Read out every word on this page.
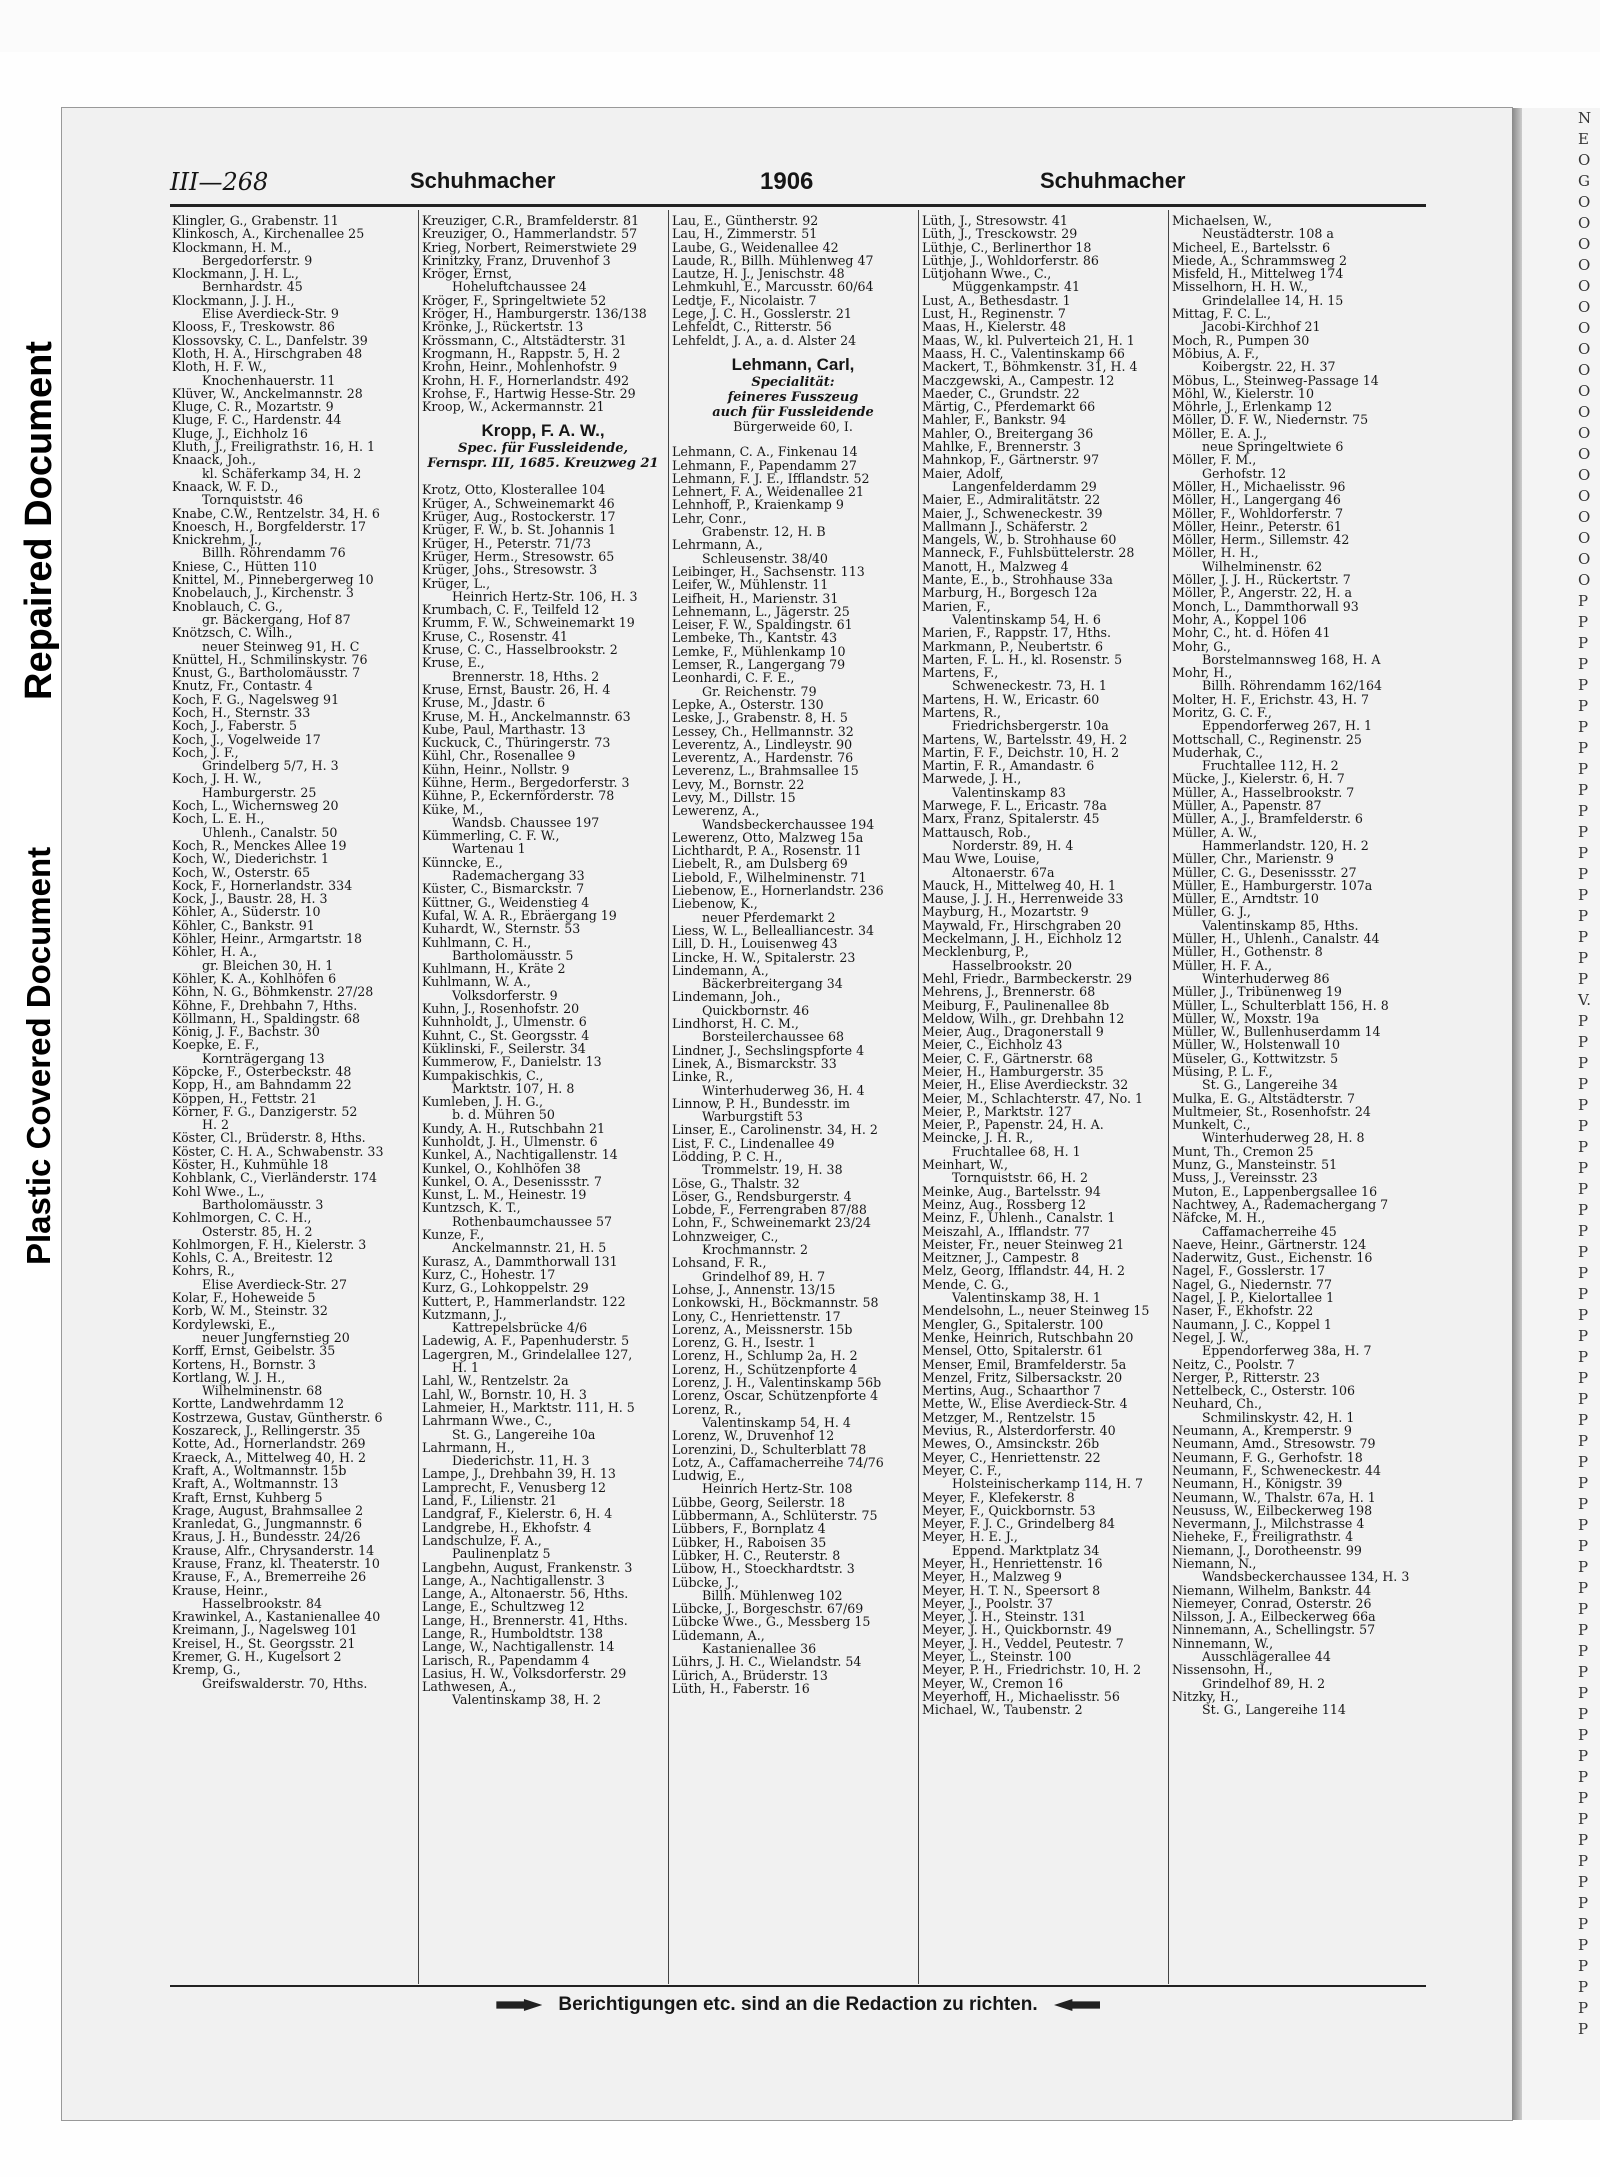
Repaired Document
Plastic Covered Document
N
E
O
G
O
O
O
O
O
O
O
O
O
O
O
O
O
O
O
O
O
O
O
P
P
P
P
P
P
P
P
P
P
P
P
P
P
P
P
P
P
P
V.
P
P
P
P
P
P
P
P
P
P
P
P
P
P
P
P
P
P
P
P
P
P
P
P
P
P
P
P
P
P
P
P
P
P
P
P
P
P
P
P
P
P
P
P
P
P
P
P
P
III—268	Schuhmacher	1906	Schuhmacher
Klingler, G., Grabenstr. 11
Klinkosch, A., Kirchenallee 25
Klockmann, H. M.,
Bergedorferstr. 9
Klockmann, J. H. L.,
Bernhardstr. 45
Klockmann, J. J. H.,
Elise Averdieck-Str. 9
Klooss, F., Treskowstr. 86
Klossovsky, C. L., Danfelstr. 39
Kloth, H. A., Hirschgraben 48
Kloth, H. F. W.,
Knochenhauerstr. 11
Klüver, W., Anckelmannstr. 28
Kluge, C. R., Mozartstr. 9
Kluge, F. C., Hardenstr. 44
Kluge, J., Eichholz 16
Kluth, J., Freiligrathstr. 16, H. 1
Knaack, Joh.,
kl. Schäferkamp 34, H. 2
Knaack, W. F. D.,
Tornquiststr. 46
Knabe, C.W., Rentzelstr. 34, H. 6
Knoesch, H., Borgfelderstr. 17
Knickrehm, J.,
Billh. Röhrendamm 76
Kniese, C., Hütten 110
Knittel, M., Pinnebergerweg 10
Knobelauch, J., Kirchenstr. 3
Knoblauch, C. G.,
gr. Bäckergang, Hof 87
Knötzsch, C. Wilh.,
neuer Steinweg 91, H. C
Knüttel, H., Schmilinskystr. 76
Knust, G., Bartholomäusstr. 7
Knutz, Fr., Contastr. 4
Koch, F. G., Nagelsweg 91
Koch, H., Sternstr. 33
Koch, J., Faberstr. 5
Koch, J., Vogelweide 17
Koch, J. F.,
Grindelberg 5/7, H. 3
Koch, J. H. W.,
Hamburgerstr. 25
Koch, L., Wichernsweg 20
Koch, L. E. H.,
Uhlenh., Canalstr. 50
Koch, R., Menckes Allee 19
Koch, W., Diederichstr. 1
Koch, W., Osterstr. 65
Kock, F., Hornerlandstr. 334
Kock, J., Baustr. 28, H. 3
Köhler, A., Süderstr. 10
Köhler, C., Bankstr. 91
Köhler, Heinr., Armgartstr. 18
Köhler, H. A.,
gr. Bleichen 30, H. 1
Köhler, K. A., Kohlhöfen 6
Köhn, N. G., Böhmkenstr. 27/28
Köhne, F., Drehbahn 7, Hths.
Köllmann, H., Spaldingstr. 68
König, J. F., Bachstr. 30
Koepke, E. F.,
Kornträgergang 13
Köpcke, F., Osterbeckstr. 48
Kopp, H., am Bahndamm 22
Köppen, H., Fettstr. 21
Körner, F. G., Danzigerstr. 52
H. 2
Köster, Cl., Brüderstr. 8, Hths.
Köster, C. H. A., Schwabenstr. 33
Köster, H., Kuhmühle 18
Kohblank, C., Vierländerstr. 174
Kohl Wwe., L.,
Bartholomäusstr. 3
Kohlmorgen, C. C. H.,
Osterstr. 85, H. 2
Kohlmorgen, F. H., Kielerstr. 3
Kohls, C. A., Breitestr. 12
Kohrs, R.,
Elise Averdieck-Str. 27
Kolar, F., Hoheweide 5
Korb, W. M., Steinstr. 32
Kordylewski, E.,
neuer Jungfernstieg 20
Korff, Ernst, Geibelstr. 35
Kortens, H., Bornstr. 3
Kortlang, W. J. H.,
Wilhelminenstr. 68
Kortte, Landwehrdamm 12
Kostrzewa, Gustav, Güntherstr. 6
Koszareck, J., Rellingerstr. 35
Kotte, Ad., Hornerlandstr. 269
Kraeck, A., Mittelweg 40, H. 2
Kraft, A., Woltmannstr. 15b
Kraft, A., Woltmannstr. 13
Kraft, Ernst, Kuhberg 5
Krage, August, Brahmsallee 2
Kranledat, G., Jungmannstr. 6
Kraus, J. H., Bundesstr. 24/26
Krause, Alfr., Chrysanderstr. 14
Krause, Franz, kl. Theaterstr. 10
Krause, F., A., Bremerreihe 26
Krause, Heinr.,
Hasselbrookstr. 84
Krawinkel, A., Kastanienallee 40
Kreimann, J., Nagelsweg 101
Kreisel, H., St. Georgsstr. 21
Kremer, G. H., Kugelsort 2
Kremp, G.,
Greifswalderstr. 70, Hths.
Kreuziger, C.R., Bramfelderstr. 81
Kreuziger, O., Hammerlandstr. 57
Krieg, Norbert, Reimerstwiete 29
Krinitzky, Franz, Druvenhof 3
Kröger, Ernst,
Hoheluftchaussee 24
Kröger, F., Springeltwiete 52
Kröger, H., Hamburgerstr. 136/138
Krönke, J., Rückertstr. 13
Krössmann, C., Altstädterstr. 31
Krogmann, H., Rappstr. 5, H. 2
Krohn, Heinr., Mohlenhofstr. 9
Krohn, H. F., Hornerlandstr. 492
Krohse, F., Hartwig Hesse-Str. 29
Kroop, W., Ackermannstr. 21
Kropp, F. A. W.,
Spec. für Fussleidende,
Fernspr. III, 1685. Kreuzweg 21
Krotz, Otto, Klosterallee 104
Krüger, A., Schweinemarkt 46
Krüger, Aug., Rostockerstr. 17
Krüger, F. W., b. St. Johannis 1
Krüger, H., Peterstr. 71/73
Krüger, Herm., Stresowstr. 65
Krüger, Johs., Stresowstr. 3
Krüger, L.,
Heinrich Hertz-Str. 106, H. 3
Krumbach, C. F., Teilfeld 12
Krumm, F. W., Schweinemarkt 19
Kruse, C., Rosenstr. 41
Kruse, C. C., Hasselbrookstr. 2
Kruse, E.,
Brennerstr. 18, Hths. 2
Kruse, Ernst, Baustr. 26, H. 4
Kruse, M., Jdastr. 6
Kruse, M. H., Anckelmannstr. 63
Kube, Paul, Marthastr. 13
Kuckuck, C., Thüringerstr. 73
Kühl, Chr., Rosenallee 9
Kühn, Heinr., Nollstr. 9
Kühne, Herm., Bergedorferstr. 3
Kühne, P., Eckernförderstr. 78
Küke, M.,
Wandsb. Chaussee 197
Kümmerling, C. F. W.,
Wartenau 1
Künncke, E.,
Rademachergang 33
Küster, C., Bismarckstr. 7
Küttner, G., Weidenstieg 4
Kufal, W. A. R., Ebräergang 19
Kuhardt, W., Sternstr. 53
Kuhlmann, C. H.,
Bartholomäusstr. 5
Kuhlmann, H., Kräte 2
Kuhlmann, W. A.,
Volksdorferstr. 9
Kuhn, J., Rosenhofstr. 20
Kuhnholdt, J., Ulmenstr. 6
Kuhnt, C., St. Georgsstr. 4
Küklinski, F., Seilerstr. 34
Kummerow, F., Danielstr. 13
Kumpakischkis, C.,
Marktstr. 107, H. 8
Kumleben, J. H. G.,
b. d. Mühren 50
Kundy, A. H., Rutschbahn 21
Kunholdt, J. H., Ulmenstr. 6
Kunkel, A., Nachtigallenstr. 14
Kunkel, O., Kohlhöfen 38
Kunkel, O. A., Desenissstr. 7
Kunst, L. M., Heinestr. 19
Kuntzsch, K. T.,
Rothenbaumchaussee 57
Kunze, F.,
Anckelmannstr. 21, H. 5
Kurasz, A., Dammthorwall 131
Kurz, C., Hohestr. 17
Kurz, G., Lohkoppelstr. 29
Kuttert, P., Hammerlandstr. 122
Kutzmann, J.,
Kattrepelsbrücke 4/6
Ladewig, A. F., Papenhuderstr. 5
Lagergren, M., Grindelallee 127,
H. 1
Lahl, W., Rentzelstr. 2a
Lahl, W., Bornstr. 10, H. 3
Lahmeier, H., Marktstr. 111, H. 5
Lahrmann Wwe., C.,
St. G., Langereihe 10a
Lahrmann, H.,
Diederichstr. 11, H. 3
Lampe, J., Drehbahn 39, H. 13
Lamprecht, F., Venusberg 12
Land, F., Lilienstr. 21
Landgraf, F., Kielerstr. 6, H. 4
Landgrebe, H., Ekhofstr. 4
Landschulze, F. A.,
Paulinenplatz 5
Langbehn, August, Frankenstr. 3
Lange, A., Nachtigallenstr. 3
Lange, A., Altonaerstr. 56, Hths.
Lange, E., Schultzweg 12
Lange, H., Brennerstr. 41, Hths.
Lange, R., Humboldtstr. 138
Lange, W., Nachtigallenstr. 14
Larisch, R., Papendamm 4
Lasius, H. W., Volksdorferstr. 29
Lathwesen, A.,
Valentinskamp 38, H. 2
Lau, E., Güntherstr. 92
Lau, H., Zimmerstr. 51
Laube, G., Weidenallee 42
Laude, R., Billh. Mühlenweg 47
Lautze, H. J., Jenischstr. 48
Lehmkuhl, E., Marcusstr. 60/64
Ledtje, F., Nicolaistr. 7
Lege, J. C. H., Gosslerstr. 21
Lehfeldt, C., Ritterstr. 56
Lehfeldt, J. A., a. d. Alster 24
Lehmann, Carl,
Specialität:
feineres Fusszeug
auch für Fussleidende
Bürgerweide 60, I.
Lehmann, C. A., Finkenau 14
Lehmann, F., Papendamm 27
Lehmann, F. J. E., Ifflandstr. 52
Lehnert, F. A., Weidenallee 21
Lehnhoff, P., Kraienkamp 9
Lehr, Conr.,
Grabenstr. 12, H. B
Lehrmann, A.,
Schleusenstr. 38/40
Leibinger, H., Sachsenstr. 113
Leifer, W., Mühlenstr. 11
Leifheit, H., Marienstr. 31
Lehnemann, L., Jägerstr. 25
Leiser, F. W., Spaldingstr. 61
Lembeke, Th., Kantstr. 43
Lemke, F., Mühlenkamp 10
Lemser, R., Langergang 79
Leonhardi, C. F. E.,
Gr. Reichenstr. 79
Lepke, A., Osterstr. 130
Leske, J., Grabenstr. 8, H. 5
Lessey, Ch., Hellmannstr. 32
Leverentz, A., Lindleystr. 90
Leverentz, A., Hardenstr. 76
Leverenz, L., Brahmsallee 15
Levy, M., Bornstr. 22
Levy, M., Dillstr. 15
Lewerenz, A.,
Wandsbeckerchaussee 194
Lewerenz, Otto, Malzweg 15a
Lichthardt, P. A., Rosenstr. 11
Liebelt, R., am Dulsberg 69
Liebold, F., Wilhelminenstr. 71
Liebenow, E., Hornerlandstr. 236
Liebenow, K.,
neuer Pferdemarkt 2
Liess, W. L., Bellealliancestr. 34
Lill, D. H., Louisenweg 43
Lincke, H. W., Spitalerstr. 23
Lindemann, A.,
Bäckerbreitergang 34
Lindemann, Joh.,
Quickbornstr. 46
Lindhorst, H. C. M.,
Borsteilerchaussee 68
Lindner, J., Sechslingspforte 4
Linek, A., Bismarckstr. 33
Linke, R.,
Winterhuderweg 36, H. 4
Linnow, P. H., Bundesstr. im
Warburgstift 53
Linser, E., Carolinenstr. 34, H. 2
List, F. C., Lindenallee 49
Lödding, P. C. H.,
Trommelstr. 19, H. 38
Löse, G., Thalstr. 32
Löser, G., Rendsburgerstr. 4
Lobde, F., Ferrengraben 87/88
Lohn, F., Schweinemarkt 23/24
Lohnzweiger, C.,
Krochmannstr. 2
Lohsand, F. R.,
Grindelhof 89, H. 7
Lohse, J., Annenstr. 13/15
Lonkowski, H., Böckmannstr. 58
Lony, C., Henriettenstr. 17
Lorenz, A., Meissnerstr. 15b
Lorenz, G. H., Isestr. 1
Lorenz, H., Schlump 2a, H. 2
Lorenz, H., Schützenpforte 4
Lorenz, J. H., Valentinskamp 56b
Lorenz, Oscar, Schützenpforte 4
Lorenz, R.,
Valentinskamp 54, H. 4
Lorenz, W., Druvenhof 12
Lorenzini, D., Schulterblatt 78
Lotz, A., Caffamacherreihe 74/76
Ludwig, E.,
Heinrich Hertz-Str. 108
Lübbe, Georg, Seilerstr. 18
Lübbermann, A., Schlüterstr. 75
Lübbers, F., Bornplatz 4
Lübker, H., Raboisen 35
Lübker, H. C., Reuterstr. 8
Lübow, H., Stoeckhardtstr. 3
Lübcke, J.,
Billh. Mühlenweg 102
Lübcke, J., Borgeschstr. 67/69
Lübcke Wwe., G., Messberg 15
Lüdemann, A.,
Kastanienallee 36
Lührs, J. H. C., Wielandstr. 54
Lürich, A., Brüderstr. 13
Lüth, H., Faberstr. 16
Lüth, J., Stresowstr. 41
Lüth, J., Tresckowstr. 29
Lüthje, C., Berlinerthor 18
Lüthje, J., Wohldorferstr. 86
Lütjohann Wwe., C.,
Müggenkampstr. 41
Lust, A., Bethesdastr. 1
Lust, H., Reginenstr. 7
Maas, H., Kielerstr. 48
Maas, W., kl. Pulverteich 21, H. 1
Maass, H. C., Valentinskamp 66
Mackert, T., Böhmkenstr. 31, H. 4
Maczgewski, A., Campestr. 12
Maeder, C., Grundstr. 22
Märtig, C., Pferdemarkt 66
Mahler, F., Bankstr. 94
Mahler, O., Breitergang 36
Mahlke, F., Brennerstr. 3
Mahnkop, F., Gärtnerstr. 97
Maier, Adolf,
Langenfelderdamm 29
Maier, E., Admiralitätstr. 22
Maier, J., Schweneckestr. 39
Mallmann J., Schäferstr. 2
Mangels, W., b. Strohhause 60
Manneck, F., Fuhlsbüttelerstr. 28
Manott, H., Malzweg 4
Mante, E., b., Strohhause 33a
Marburg, H., Borgesch 12a
Marien, F.,
Valentinskamp 54, H. 6
Marien, F., Rappstr. 17, Hths.
Markmann, P., Neubertstr. 6
Marten, F. L. H., kl. Rosenstr. 5
Martens, F.,
Schweneckestr. 73, H. 1
Martens, H. W., Ericastr. 60
Martens, R.,
Friedrichsbergerstr. 10a
Martens, W., Bartelsstr. 49, H. 2
Martin, F. F., Deichstr. 10, H. 2
Martin, F. R., Amandastr. 6
Marwede, J. H.,
Valentinskamp 83
Marwege, F. L., Ericastr. 78a
Marx, Franz, Spitalerstr. 45
Mattausch, Rob.,
Norderstr. 89, H. 4
Mau Wwe, Louise,
Altonaerstr. 67a
Mauck, H., Mittelweg 40, H. 1
Mause, J. J. H., Herrenweide 33
Mayburg, H., Mozartstr. 9
Maywald, Fr., Hirschgraben 20
Meckelmann, J. H., Eichholz 12
Mecklenburg, P.,
Hasselbrookstr. 20
Mehl, Friedr., Barmbeckerstr. 29
Mehrens, J., Brennerstr. 68
Meiburg, F., Paulinenallee 8b
Meldow, Wilh., gr. Drehbahn 12
Meier, Aug., Dragonerstall 9
Meier, C., Eichholz 43
Meier, C. F., Gärtnerstr. 68
Meier, H., Hamburgerstr. 35
Meier, H., Elise Averdieckstr. 32
Meier, M., Schlachterstr. 47, No. 1
Meier, P., Marktstr. 127
Meier, P., Papenstr. 24, H. A.
Meincke, J. H. R.,
Fruchtallee 68, H. 1
Meinhart, W.,
Tornquiststr. 66, H. 2
Meinke, Aug., Bartelsstr. 94
Meinz, Aug., Rossberg 12
Meinz, F., Uhlenh., Canalstr. 1
Meiszahl, A., Ifflandstr. 77
Meister, Fr., neuer Steinweg 21
Meitzner, J., Campestr. 8
Melz, Georg, Ifflandstr. 44, H. 2
Mende, C. G.,
Valentinskamp 38, H. 1
Mendelsohn, L., neuer Steinweg 15
Mengler, G., Spitalerstr. 100
Menke, Heinrich, Rutschbahn 20
Mensel, Otto, Spitalerstr. 61
Menser, Emil, Bramfelderstr. 5a
Menzel, Fritz, Silbersackstr. 20
Mertins, Aug., Schaarthor 7
Mette, W., Elise Averdieck-Str. 4
Metzger, M., Rentzelstr. 15
Mevius, R., Alsterdorferstr. 40
Mewes, O., Amsinckstr. 26b
Meyer, C., Henriettenstr. 22
Meyer, C. F.,
Holsteinischerkamp 114, H. 7
Meyer, F., Klefekerstr. 8
Meyer, F., Quickbornstr. 53
Meyer, F. J. C., Grindelberg 84
Meyer, H. E. J.,
Eppend. Marktplatz 34
Meyer, H., Henriettenstr. 16
Meyer, H., Malzweg 9
Meyer, H. T. N., Speersort 8
Meyer, J., Poolstr. 37
Meyer, J. H., Steinstr. 131
Meyer, J. H., Quickbornstr. 49
Meyer, J. H., Veddel, Peutestr. 7
Meyer, L., Steinstr. 100
Meyer, P. H., Friedrichstr. 10, H. 2
Meyer, W., Cremon 16
Meyerhoff, H., Michaelisstr. 56
Michael, W., Taubenstr. 2
Michaelsen, W.,
Neustädterstr. 108 a
Micheel, E., Bartelsstr. 6
Miede, A., Schrammsweg 2
Misfeld, H., Mittelweg 174
Misselhorn, H. H. W.,
Grindelallee 14, H. 15
Mittag, F. C. L.,
Jacobi-Kirchhof 21
Moch, R., Pumpen 30
Möbius, A. F.,
Koibergstr. 22, H. 37
Möbus, L., Steinweg-Passage 14
Möhl, W., Kielerstr. 10
Möhrle, J., Erlenkamp 12
Möller, D. F. W., Niedernstr. 75
Möller, E. A. J.,
neue Springeltwiete 6
Möller, F. M.,
Gerhofstr. 12
Möller, H., Michaelisstr. 96
Möller, H., Langergang 46
Möller, F., Wohldorferstr. 7
Möller, Heinr., Peterstr. 61
Möller, Herm., Sillemstr. 42
Möller, H. H.,
Wilhelminenstr. 62
Möller, J. J. H., Rückertstr. 7
Möller, P., Angerstr. 22, H. a
Monch, L., Dammthorwall 93
Mohr, A., Koppel 106
Mohr, C., ht. d. Höfen 41
Mohr, G.,
Borstelmannsweg 168, H. A
Mohr, H.,
Billh. Röhrendamm 162/164
Molter, H. F., Erichstr. 43, H. 7
Moritz, G. C. F.,
Eppendorferweg 267, H. 1
Mottschall, C., Reginenstr. 25
Muderhak, C.,
Fruchtallee 112, H. 2
Mücke, J., Kielerstr. 6, H. 7
Müller, A., Hasselbrookstr. 7
Müller, A., Papenstr. 87
Müller, A., J., Bramfelderstr. 6
Müller, A. W.,
Hammerlandstr. 120, H. 2
Müller, Chr., Marienstr. 9
Müller, C. G., Desenissstr. 27
Müller, E., Hamburgerstr. 107a
Müller, E., Arndtstr. 10
Müller, G. J.,
Valentinskamp 85, Hths.
Müller, H., Uhlenh., Canalstr. 44
Müller, H., Gothenstr. 8
Müller, H. F. A.,
Winterhuderweg 86
Müller, J., Tribünenweg 19
Müller, L., Schulterblatt 156, H. 8
Müller, W., Moxstr. 19a
Müller, W., Bullenhuserdamm 14
Müller, W., Holstenwall 10
Müseler, G., Kottwitzstr. 5
Müsing, P. L. F.,
St. G., Langereihe 34
Mulka, E. G., Altstädterstr. 7
Multmeier, St., Rosenhofstr. 24
Munkelt, C.,
Winterhuderweg 28, H. 8
Munt, Th., Cremon 25
Munz, G., Mansteinstr. 51
Muss, J., Vereinsstr. 23
Muton, E., Lappenbergsallee 16
Nachtwey, A., Rademachergang 7
Näfcke, M. H.,
Caffamacherreihe 45
Naeve, Heinr., Gärtnerstr. 124
Naderwitz, Gust., Eichenstr. 16
Nagel, F., Gosslerstr. 17
Nagel, G., Niedernstr. 77
Nagel, J. P., Kielortallee 1
Naser, F., Ekhofstr. 22
Naumann, J. C., Koppel 1
Negel, J. W.,
Eppendorferweg 38a, H. 7
Neitz, C., Poolstr. 7
Nerger, P., Ritterstr. 23
Nettelbeck, C., Osterstr. 106
Neuhard, Ch.,
Schmilinskystr. 42, H. 1
Neumann, A., Kremperstr. 9
Neumann, Amd., Stresowstr. 79
Neumann, F. G., Gerhofstr. 18
Neumann, F., Schweneckestr. 44
Neumann, H., Königstr. 39
Neumann, W., Thalstr. 67a, H. 1
Neususs, W., Eilbeckerweg 198
Nevermann, J., Milchstrasse 4
Nieheke, F., Freiligrathstr. 4
Niemann, J., Dorotheenstr. 99
Niemann, N.,
Wandsbeckerchaussee 134, H. 3
Niemann, Wilhelm, Bankstr. 44
Niemeyer, Conrad, Osterstr. 26
Nilsson, J. A., Eilbeckerweg 66a
Ninnemann, A., Schellingstr. 57
Ninnemann, W.,
Ausschlägerallee 44
Nissensohn, H.,
Grindelhof 89, H. 2
Nitzky, H.,
St. G., Langereihe 114
Berichtigungen etc. sind an die Redaction zu richten.
